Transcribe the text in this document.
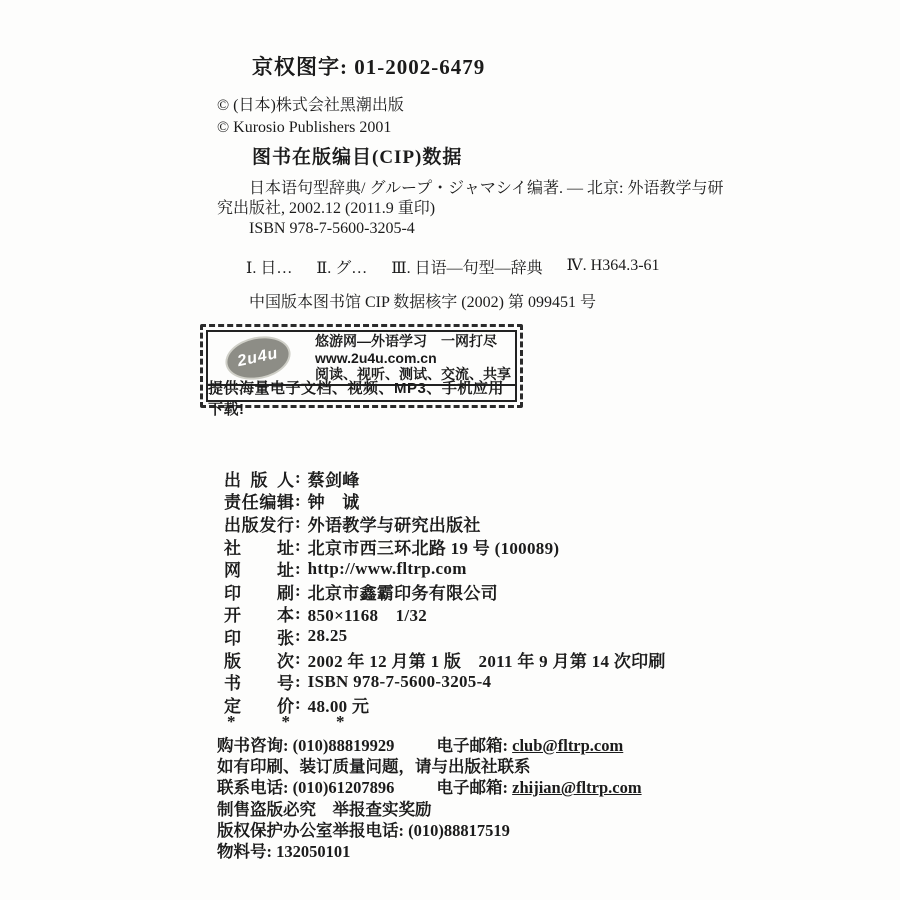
京权图字: 01-2002-6479
© (日本)株式会社黑潮出版
© Kurosio Publishers 2001
图书在版编目(CIP)数据
日本语句型辞典/ グループ・ジャマシイ编著. — 北京: 外语教学与研
究出版社, 2002.12 (2011.9 重印)
ISBN 978-7-5600-3205-4
Ⅰ. 日… Ⅱ. グ… Ⅲ. 日语—句型—辞典 Ⅳ. H364.3-61
中国版本图书馆 CIP 数据核字 (2002) 第 099451 号
2u4u
悠游网—外语学习　一网打尽
www.2u4u.com.cn
阅读、视听、测试、交流、共享
提供海量电子文档、视频、MP3、手机应用下载!
出版人 : 蔡剑峰
责任编辑 : 钟　诚
出版发行 : 外语教学与研究出版社
社址 : 北京市西三环北路 19 号 (100089)
网址 : http://www.fltrp.com
印刷 : 北京市鑫霸印务有限公司
开本 : 850×1168　1/32
印张 : 28.25
版次 : 2002 年 12 月第 1 版　2011 年 9 月第 14 次印刷
书号 : ISBN 978-7-5600-3205-4
定价 : 48.00 元
*	*	*
购书咨询: (010)88819929	电子邮箱: club@fltrp.com
如有印刷、装订质量问题，请与出版社联系
联系电话: (010)61207896	电子邮箱: zhijian@fltrp.com
制售盗版必究　举报查实奖励
版权保护办公室举报电话: (010)88817519
物料号: 132050101
